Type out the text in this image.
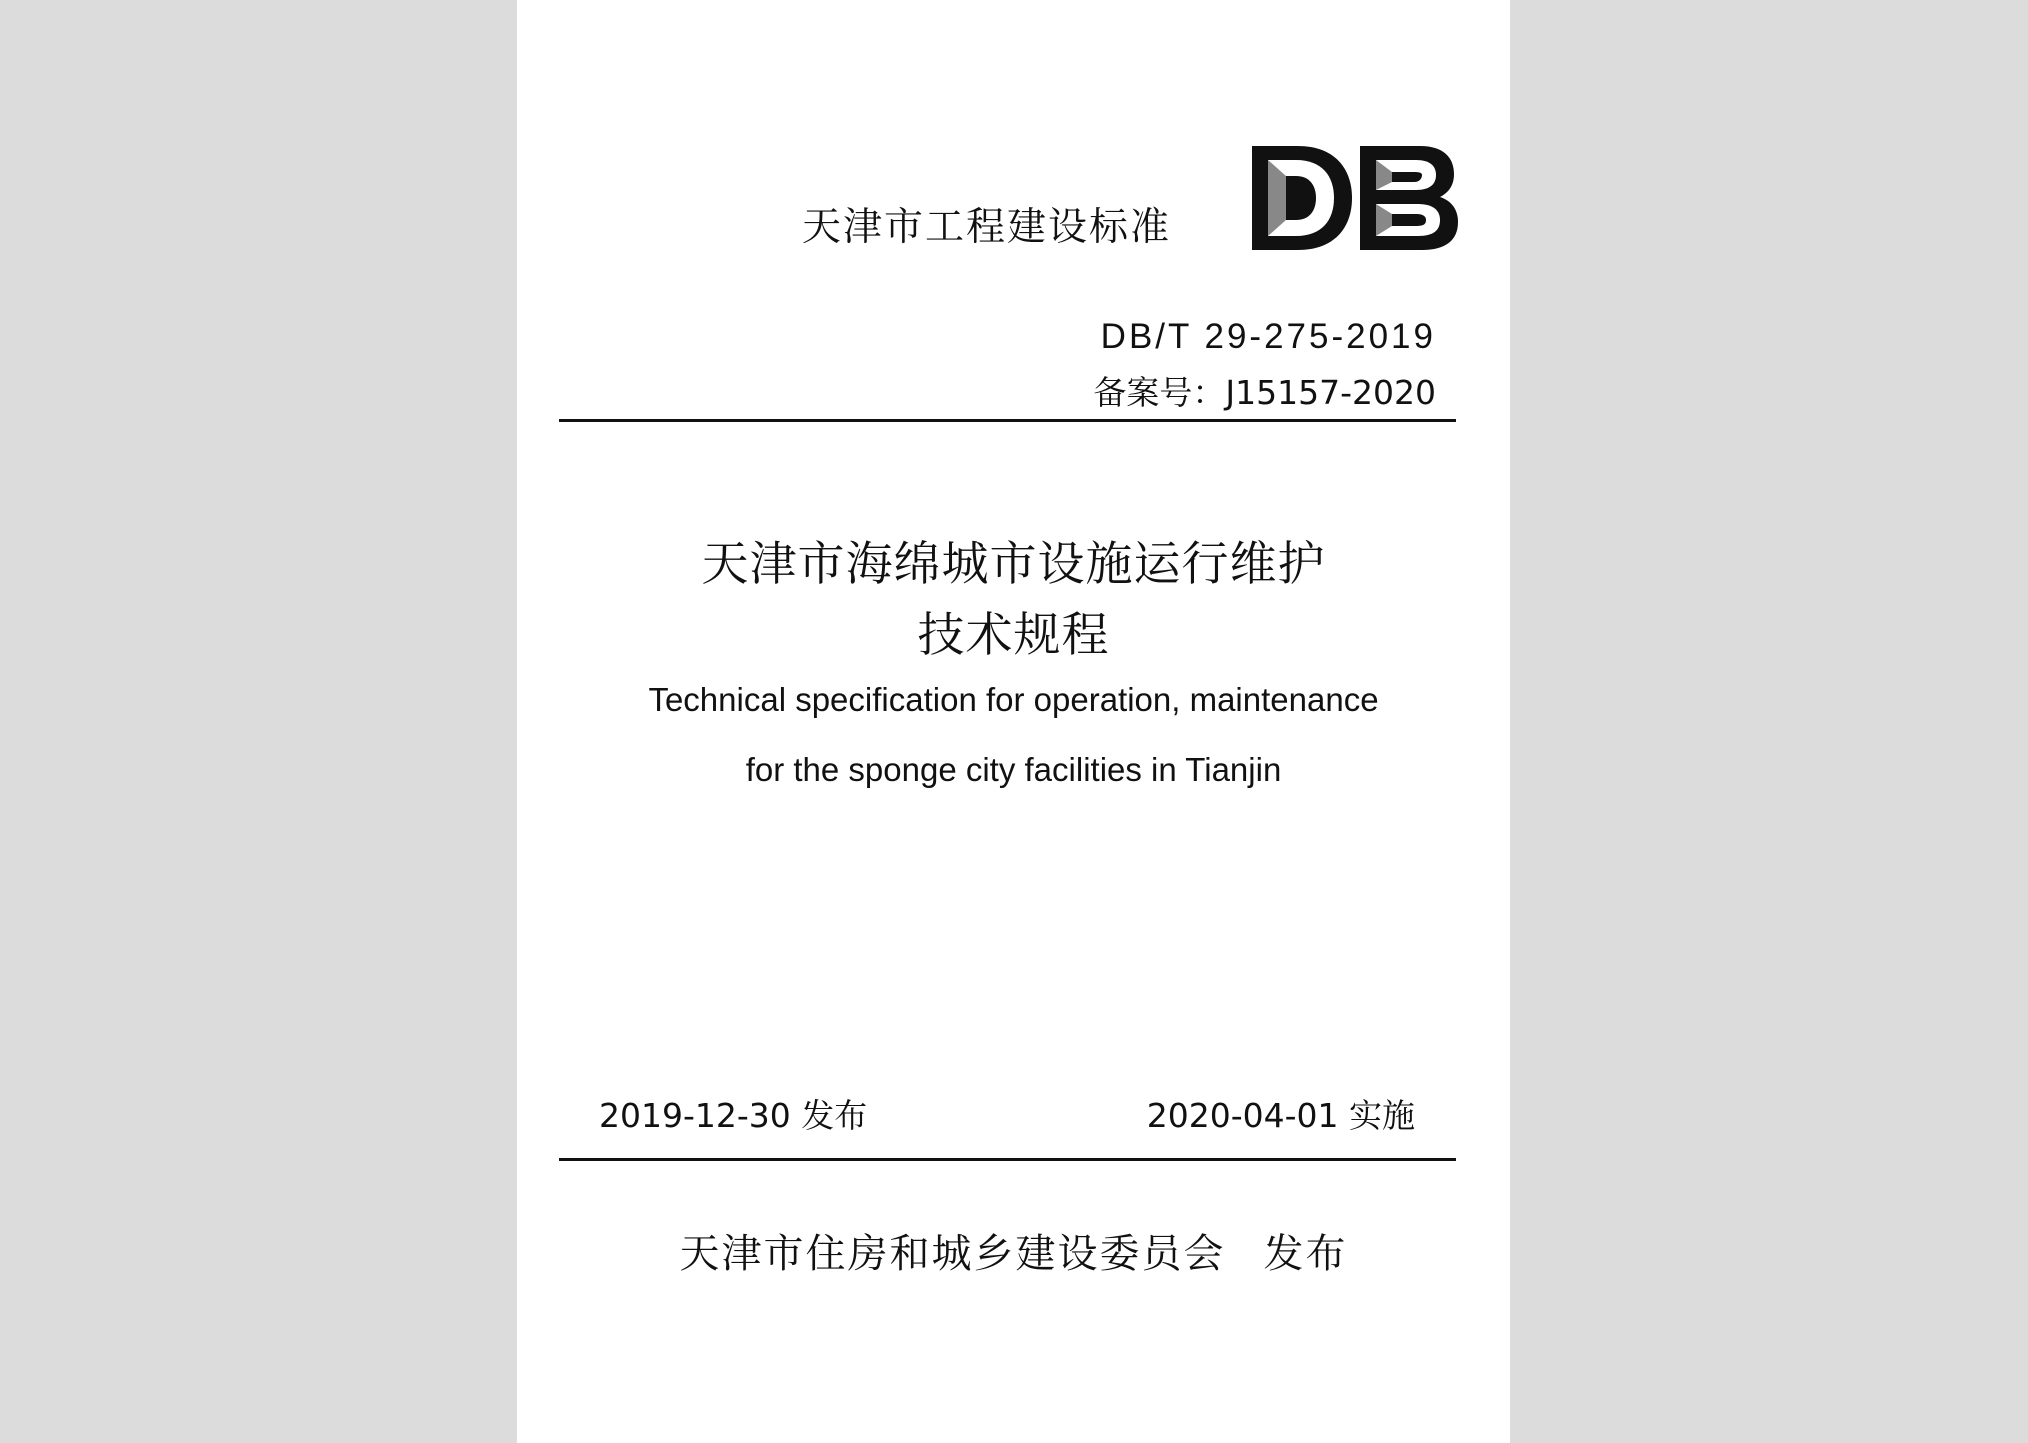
天津市工程建设标准
DB/T 29-275-2019
备案号：J15157-2020
天津市海绵城市设施运行维护
技术规程
Technical specification for operation, maintenance
for the sponge city facilities in Tianjin
2019-12-30 发布	2020-04-01 实施
天津市住房和城乡建设委员会 发布
